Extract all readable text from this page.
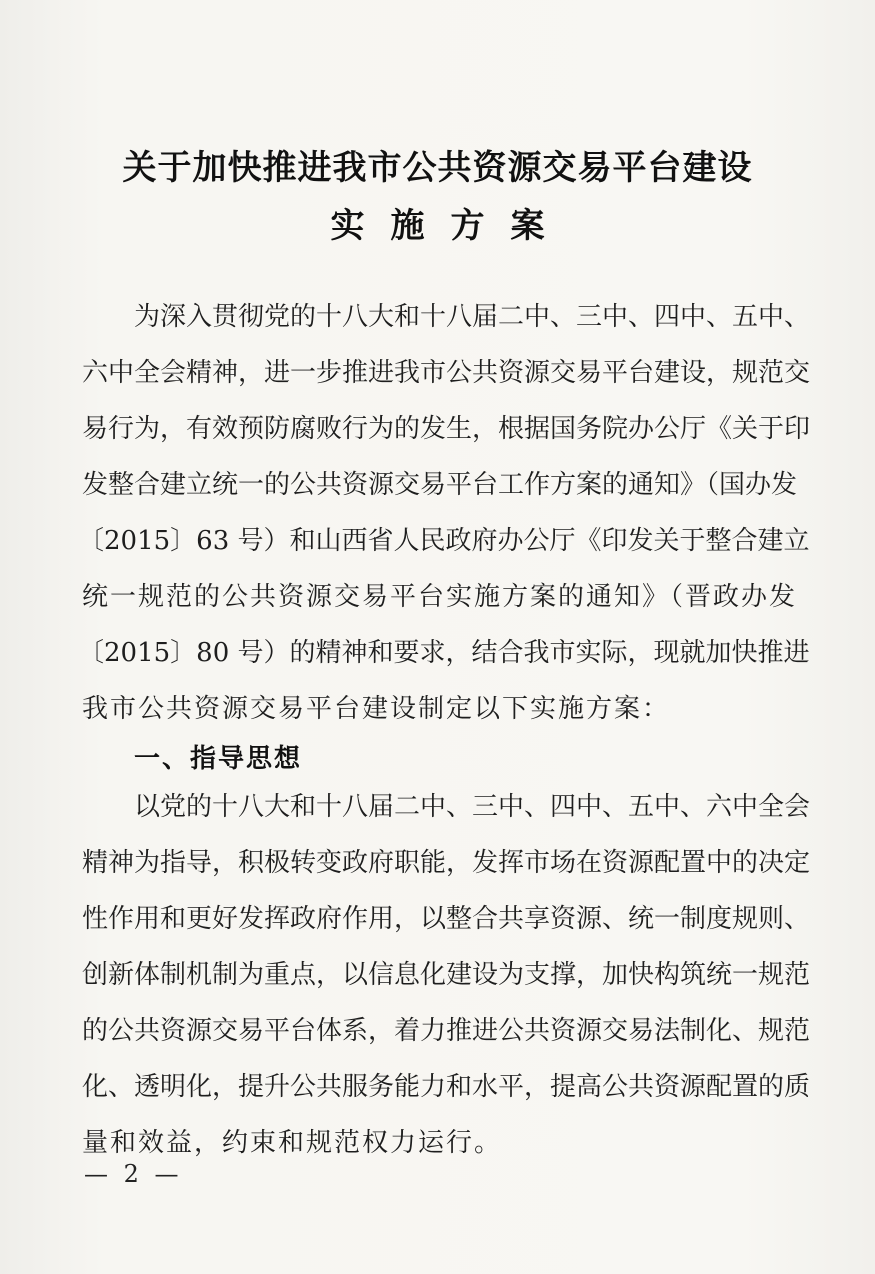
关于加快推进我市公共资源交易平台建设
实施方案
为深入贯彻党的十八大和十八届二中、三中、四中、五中、
六中全会精神，进一步推进我市公共资源交易平台建设，规范交
易行为，有效预防腐败行为的发生，根据国务院办公厅《关于印
发整合建立统一的公共资源交易平台工作方案的通知》（国办发
〔2015〕63 号）和山西省人民政府办公厅《印发关于整合建立
统一规范的公共资源交易平台实施方案的通知》（晋政办发
〔2015〕80 号）的精神和要求，结合我市实际，现就加快推进
我市公共资源交易平台建设制定以下实施方案：
一、指导思想
以党的十八大和十八届二中、三中、四中、五中、六中全会
精神为指导，积极转变政府职能，发挥市场在资源配置中的决定
性作用和更好发挥政府作用，以整合共享资源、统一制度规则、
创新体制机制为重点，以信息化建设为支撑，加快构筑统一规范
的公共资源交易平台体系，着力推进公共资源交易法制化、规范
化、透明化，提升公共服务能力和水平，提高公共资源配置的质
量和效益，约束和规范权力运行。
— 2 —
